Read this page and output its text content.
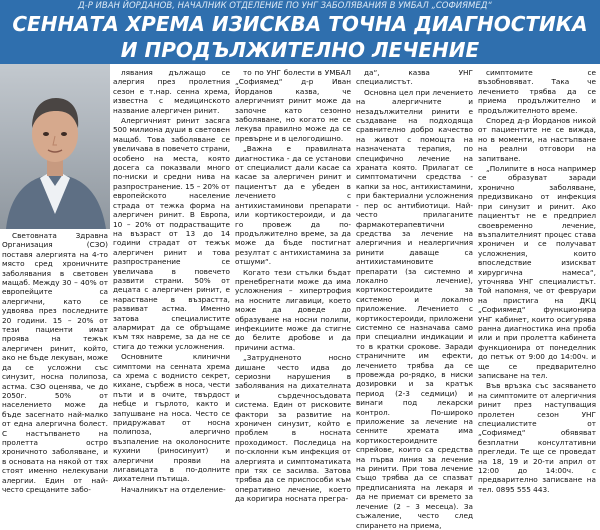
Д-Р ИВАН ЙОРДАНОВ, НАЧАЛНИК ОТДЕЛЕНИЕ ПО УНГ ЗАБОЛЯВАНИЯ В УМБАЛ „СОФИЯМЕД“
СЕННАТА ХРЕМА ИЗИСКВА ТОЧНА ДИАГНОСТИКА
И ПРОДЪЛЖИТЕЛНО ЛЕЧЕНИЕ

Световната Здравна Организация (СЗО) поставя алергията на 4-то място сред хроничните заболявания в световен мащаб. Между 30 – 40% от европейците са алергични, като се удвоява през последните 20 години. 15 – 20% от тези пациенти имат проява на тежък алергичен ринит, който, ако не бъде лекуван, може да се усложни със синузит, носна полипоза, астма. СЗО оценява, че до 2050г. 50% от населението може да бъде засегнато най-малко от една алергична болест. С настъпването на пролетта остро хроничното заболяване, и в основата на някой от тях стоят именно нелекувани алергии. Един от най-често срещаните забо-

лявания дължащо се алергия през пролетния сезон е т.нар. сенна хрема, известна с медицинското название алергичен ринит.

Алергичният ринит засяга 500 милиона души в световен мащаб. Това заболяване се увеличава в повечето страни, особено на места, която досега са показвали много по-ниски и средни нива на разпространение. 15 – 20% от европейското население страда от тежка форма на алергичен ринит. В Европа, 10 – 20% от подрастващите на възраст от 13 до 14 години страдат от тежък алергичен ринит и това разпространение се увеличава в повечето развити страни. 50% от децата с алергичен ринит, е нарастване в възрастта, развиват астма. Именно затова специалистите алармират да се обръщаме към тях навреме, за да не се стига до тежки усложнения.

Основните клинични симптоми на сенната хрема са хрема с воднисто секрет, кихане, сърбеж в носа, чести пъти и в очите, твърдост небце и гърлото, както и запушване на носа. Често се придружават от носна полипоза, алергично възпаление на околоносните кухини (риносинуит) и алергични прояви на лигавицата в по-долните дихателни пътища.

Началникът на отделение-

то по УНГ болести в УМБАЛ „Софиямед“ д-р Иван Йорданов казва, че алергичният ринит може да започне като сезонно заболяване, но когато не се лекува правилно може да се превърне и в целогодишно.

„Важна е правилната диагностика - да се установи от специалист дали касае са касае за алергичен ринит и пациентът да е убеден в лечението с антихистаминови препарати или кортикостероиди, и да го провеж да по-продължително време, за да може да бъде постигнат резултат с антихистамина за отшуми“.

Когато тези стълки бъдат пренебрегнати може да има усложнения – хипертрофия на носните лигавици, което може да доведе до образуване на носни полипи, инфекциите може да стигне до белите дробове и да причини астма.

„Затрудненото носно дишане често идва до сериозни нарушения в заболявания на дихателната и сърдечносъдовата система. Един от рисковите фактори за развитие на хроничен синузит, който е проблем в носната проходимост. Последица на по-склонни към инфекция от алергията и симптоматиката при тях се засилва. Затова трябва да се приспособи към оперативно лечение, което да коригира носната прегра-

да“, казва УНГ специалистът.

Основна цел при лечението на алергичните и незадължителни ринити е създаване на подходяща сравнително добро качество на живот с помощта на назначената терапия, по специфично лечение на храната която. Прилагат се симптоматични средства - капки за нос, антихистамини, при бактериални усложнения - пер ос антибиотици. Най-често прилаганите фармакотерапевтични средства за лечение на алергичния и неалергичния ринити даваще са антихистаминовите препарати (за системно и локално лечение), кортикостероидите за системно и локално приложение. Лечението с кортикостероиди, приложени системно се назначава само при специални индикации и то в кратки срокове. Заради страничните им ефекти, лечението трябва да се провежда ро-рядко, в ниски дозировки и за кратък период (2-3 седмици) и винаги под лекарски контрол. По-широко приложение за лечение на сенните хремата има кортикостероидните спрейове, които са средства на първа линия за лечение на ринити. При това лечение също трябва да се спазват предписанията на лекаря и да не приемат си времето за лечение (2 – 3 месеца). За съжаление, често след спирането на приема,

симптомите се възобновяват. Така че лечението трябва да се приема продължително и продължителното време.

Според д-р Йорданов никой от пациентите не се вижда, но в моменти, на настъпване на реални отговори на запитване.

„Полипите в носа например се образуват заради хронично заболяване, предизвикано от инфекция при синузит и ринит. Ако пациентът не е предприел своевременно лечение, възпалителният процес става хроничен и се получават усложнения, които впоследствие изискват хирургична намеса“, уточнява УНГ специалистът. Той напомня, че от февруари на пристига на ДКЦ „Софиямед“ функционира УНГ кабинет, които осигурява ранна диагностика ина проба или и при пролетта кабинета функционира от понеделник до петък от 9:00 до 14:00ч. и ще се предварително записване на тел.

Във връзка със засяването на симптомите от алергичния ринит през наступващия пролетен сезон УНГ специалистите от „Софиямед“ обявяват безплатни консултативни прегледи. Те ще се проведат на 18, 19 и 20-ти април от 12:00 до 14:00ч. с предварително записване на тел. 0895 555 443.
